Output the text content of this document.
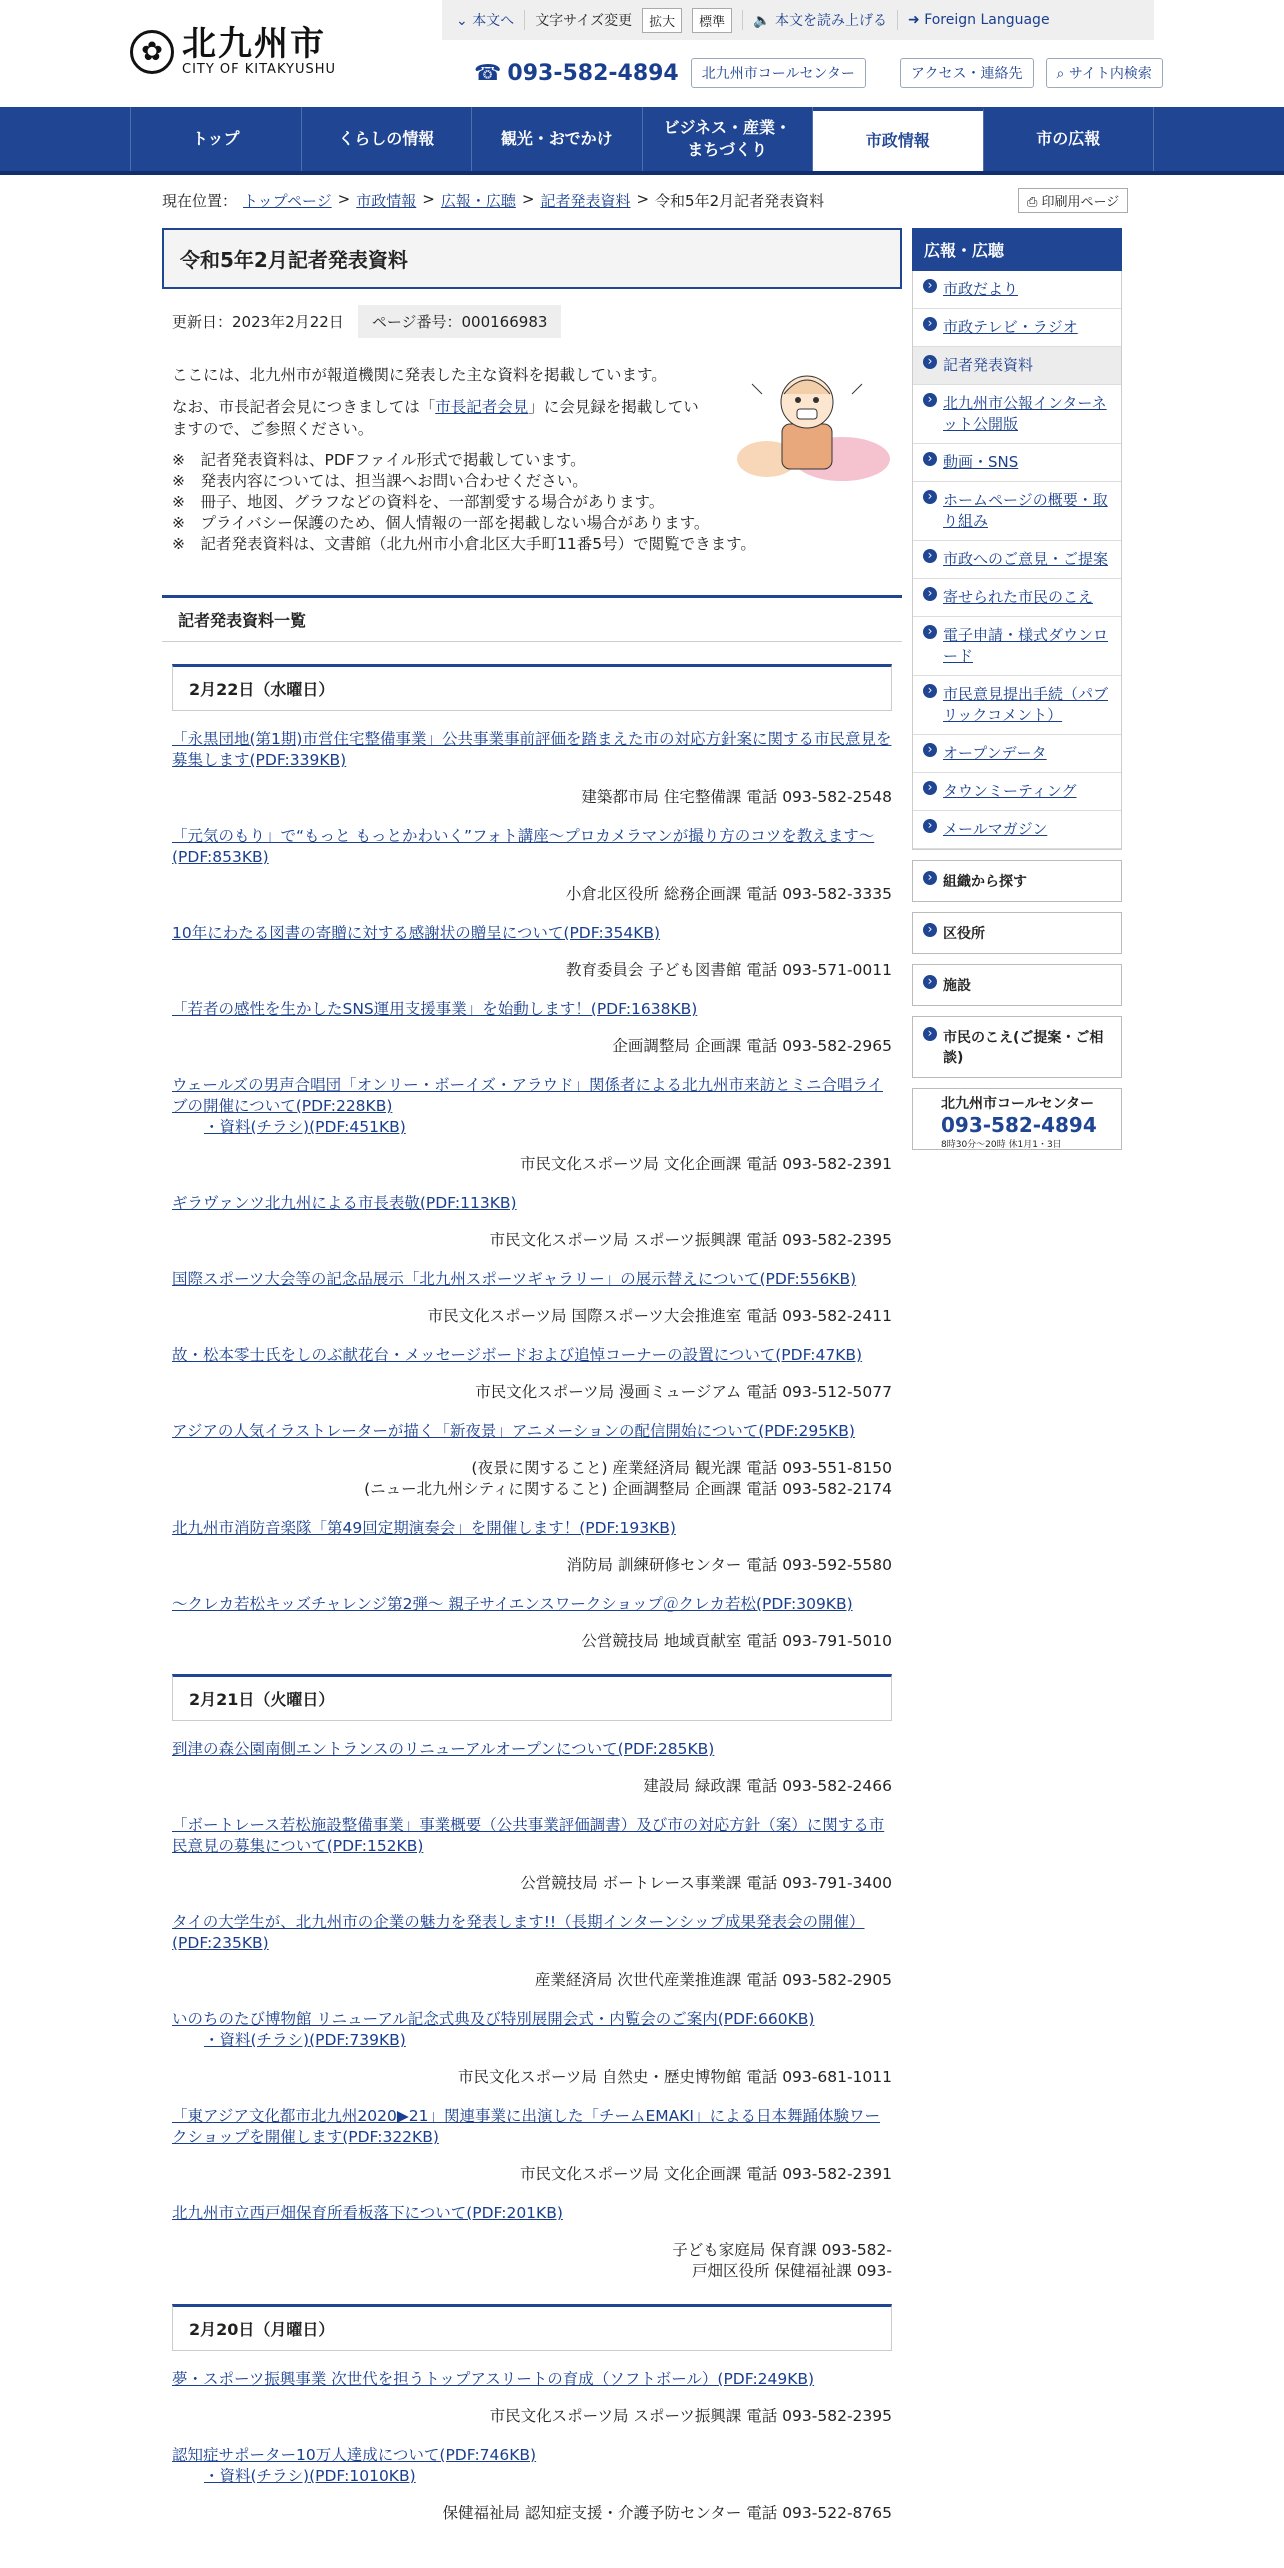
✿ 北九州市
CITY OF KITAKYUSHU
⌄ 本文へ 文字サイズ変更	拡大	標準	🔈 本文を読み上げる ➜ Foreign Language
☎ 093-582-4894	北九州市コールセンター	アクセス・連絡先	⌕ サイト内検索
トップ	くらしの情報	観光・おでかけ
ビジネス・産業・
まちづくり	市政情報	市の広報
現在位置： トップページ > 市政情報 > 広報・広聴 > 記者発表資料 > 令和5年2月記者発表資料	⎙ 印刷用ページ
令和5年2月記者発表資料
更新日：2023年2月22日	ページ番号：000166983

ここには、北九州市が報道機関に発表した主な資料を掲載しています。

なお、市長記者会見につきましては「市長記者会見」に会見録を掲載していますので、ご参照ください。

※　記者発表資料は、PDFファイル形式で掲載しています。
※　発表内容については、担当課へお問い合わせください。
※　冊子、地図、グラフなどの資料を、一部割愛する場合があります。
※　プライバシー保護のため、個人情報の一部を掲載しない場合があります。
※　記者発表資料は、文書館（北九州市小倉北区大手町11番5号）で閲覧できます。
記者発表資料一覧
2月22日（水曜日）
「永黒団地(第1期)市営住宅整備事業」公共事業事前評価を踏まえた市の対応方針案に関する市民意見を募集します(PDF:339KB)
建築都市局 住宅整備課 電話 093-582-2548
「元気のもり」で“もっと もっとかわいく”フォト講座～プロカメラマンが撮り方のコツを教えます～(PDF:853KB)
小倉北区役所 総務企画課 電話 093-582-3335
10年にわたる図書の寄贈に対する感謝状の贈呈について(PDF:354KB)
教育委員会 子ども図書館 電話 093-571-0011
「若者の感性を生かしたSNS運用支援事業」を始動します！(PDF:1638KB)
企画調整局 企画課 電話 093-582-2965
ウェールズの男声合唱団「オンリー・ボーイズ・アラウド」関係者による北九州市来訪とミニ合唱ライブの開催について(PDF:228KB)
・資料(チラシ)(PDF:451KB)
市民文化スポーツ局 文化企画課 電話 093-582-2391
ギラヴァンツ北九州による市長表敬(PDF:113KB)
市民文化スポーツ局 スポーツ振興課 電話 093-582-2395
国際スポーツ大会等の記念品展示「北九州スポーツギャラリー」の展示替えについて(PDF:556KB)
市民文化スポーツ局 国際スポーツ大会推進室 電話 093-582-2411
故・松本零士氏をしのぶ献花台・メッセージボードおよび追悼コーナーの設置について(PDF:47KB)
市民文化スポーツ局 漫画ミュージアム 電話 093-512-5077
アジアの人気イラストレーターが描く「新夜景」アニメーションの配信開始について(PDF:295KB)
(夜景に関すること) 産業経済局 観光課 電話 093-551-8150
(ニュー北九州シティに関すること) 企画調整局 企画課 電話 093-582-2174
北九州市消防音楽隊「第49回定期演奏会」を開催します！(PDF:193KB)
消防局 訓練研修センター 電話 093-592-5580
～クレカ若松キッズチャレンジ第2弾～ 親子サイエンスワークショップ＠クレカ若松(PDF:309KB)
公営競技局 地域貢献室 電話 093-791-5010
2月21日（火曜日）
到津の森公園南側エントランスのリニューアルオープンについて(PDF:285KB)
建設局 緑政課 電話 093-582-2466
「ボートレース若松施設整備事業」事業概要（公共事業評価調書）及び市の対応方針（案）に関する市民意見の募集について(PDF:152KB)
公営競技局 ボートレース事業課 電話 093-791-3400
タイの大学生が、北九州市の企業の魅力を発表します!!（長期インターンシップ成果発表会の開催）(PDF:235KB)
産業経済局 次世代産業推進課 電話 093-582-2905
いのちのたび博物館 リニューアル記念式典及び特別展開会式・内覧会のご案内(PDF:660KB)
・資料(チラシ)(PDF:739KB)
市民文化スポーツ局 自然史・歴史博物館 電話 093-681-1011
「東アジア文化都市北九州2020▶21」関連事業に出演した「チームEMAKI」による日本舞踊体験ワークショップを開催します(PDF:322KB)
市民文化スポーツ局 文化企画課 電話 093-582-2391
北九州市立西戸畑保育所看板落下について(PDF:201KB)
子ども家庭局 保育課 093-582-
戸畑区役所 保健福祉課 093-
2月20日（月曜日）
夢・スポーツ振興事業 次世代を担うトップアスリートの育成（ソフトボール）(PDF:249KB)
市民文化スポーツ局 スポーツ振興課 電話 093-582-2395
認知症サポーター10万人達成について(PDF:746KB)
・資料(チラシ)(PDF:1010KB)
保健福祉局 認知症支援・介護予防センター 電話 093-522-8765
広報・広聴
› 市政だより
› 市政テレビ・ラジオ
› 記者発表資料
› 北九州市公報インターネット公開版
› 動画・SNS
› ホームページの概要・取り組み
› 市政へのご意見・ご提案
› 寄せられた市民のこえ
› 電子申請・様式ダウンロード
› 市民意見提出手続（パブリックコメント）
› オープンデータ
› タウンミーティング
› メールマガジン
› 組織から探す
› 区役所
› 施設
› 市民のこえ(ご提案・ご相談)
北九州市コールセンター
093-582-4894
8時30分～20時 休1月1・3日
